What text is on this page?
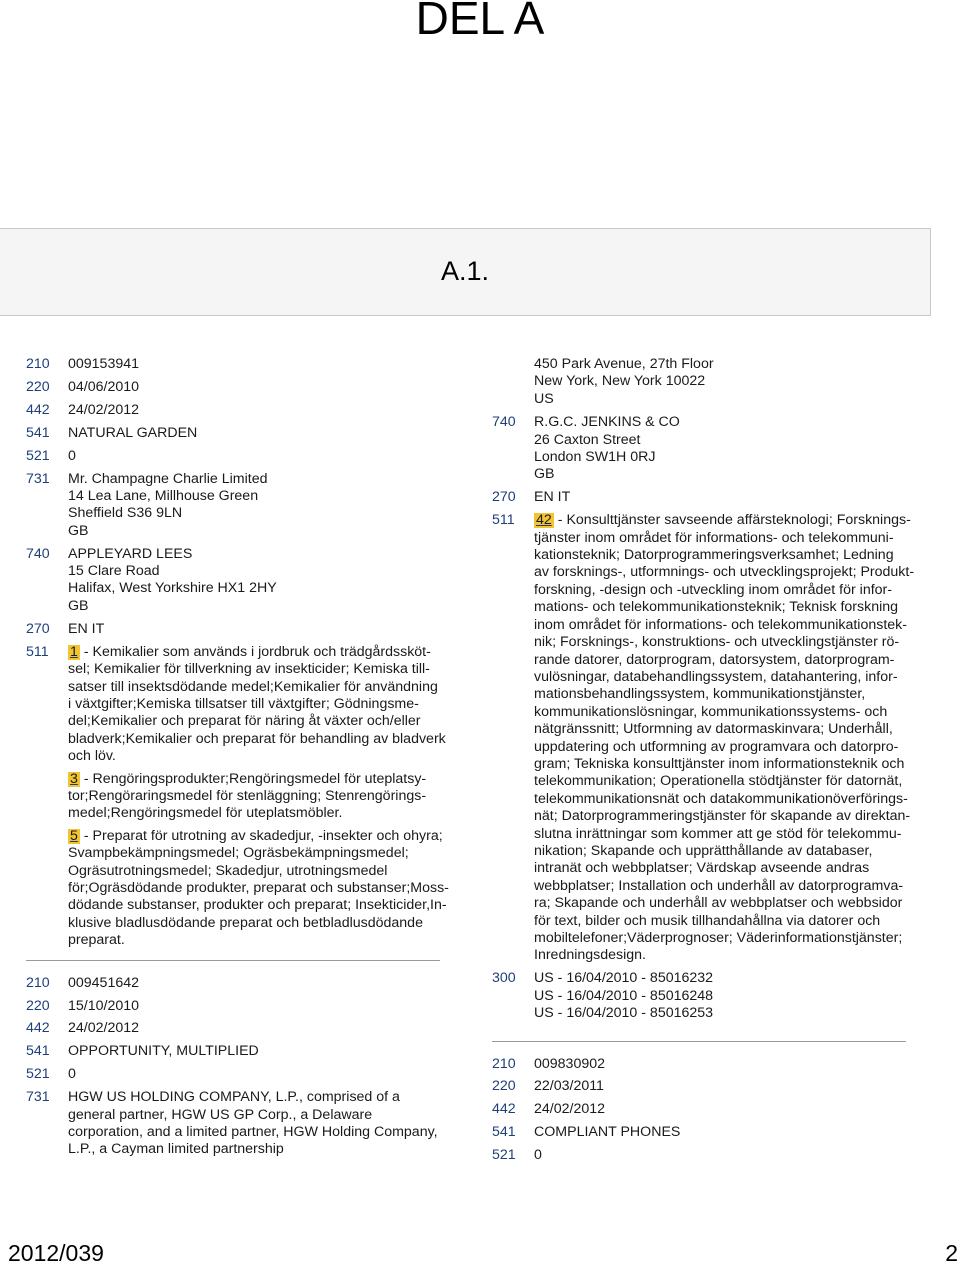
DEL A
A.1.
210	009153941
220	04/06/2010
442	24/02/2012
541	NATURAL GARDEN
521	0
731	Mr. Champagne Charlie Limited
14 Lea Lane, Millhouse Green
Sheffield S36 9LN
GB
740	APPLEYARD LEES
15 Clare Road
Halifax, West Yorkshire HX1 2HY
GB
270	EN IT
511	1 - Kemikalier som används i jordbruk och trädgårdssköt-
sel; Kemikalier för tillverkning av insekticider; Kemiska till-
satser till insektsdödande medel;Kemikalier för användning
i växtgifter;Kemiska tillsatser till växtgifter; Gödningsme-
del;Kemikalier och preparat för näring åt växter och/eller
bladverk;Kemikalier och preparat för behandling av bladverk
och löv.
3 - Rengöringsprodukter;Rengöringsmedel för uteplatsy-
tor;Rengöraringsmedel för stenläggning; Stenrengörings-
medel;Rengöringsmedel för uteplatsmöbler.
5 - Preparat för utrotning av skadedjur, -insekter och ohyra;
Svampbekämpningsmedel; Ogräsbekämpningsmedel;
Ogräsutrotningsmedel; Skadedjur, utrotningsmedel
för;Ogräsdödande produkter, preparat och substanser;Moss-
dödande substanser, produkter och preparat; Insekticider,In-
klusive bladlusdödande preparat och betbladlusdödande
preparat.
210	009451642
220	15/10/2010
442	24/02/2012
541	OPPORTUNITY, MULTIPLIED
521	0
731	HGW US HOLDING COMPANY, L.P., comprised of a
general partner, HGW US GP Corp., a Delaware
corporation, and a limited partner, HGW Holding Company,
L.P., a Cayman limited partnership
450 Park Avenue, 27th Floor
New York, New York 10022
US
740	R.G.C. JENKINS & CO
26 Caxton Street
London SW1H 0RJ
GB
270	EN IT
511	42 - Konsulttjänster savseende affärsteknologi; Forsknings-
tjänster inom området för informations- och telekommuni-
kationsteknik; Datorprogrammeringsverksamhet; Ledning
av forsknings-, utformnings- och utvecklingsprojekt; Produkt-
forskning, -design och -utveckling inom området för infor-
mations- och telekommunikationsteknik; Teknisk forskning
inom området för informations- och telekommunikationstek-
nik; Forsknings-, konstruktions- och utvecklingstjänster rö-
rande datorer, datorprogram, datorsystem, datorprogram-
vulösningar, databehandlingssystem, datahantering, infor-
mationsbehandlingssystem, kommunikationstjänster,
kommunikationslösningar, kommunikationssystems- och
nätgränssnitt; Utformning av datormaskinvara; Underhåll,
uppdatering och utformning av programvara och datorpro-
gram; Tekniska konsulttjänster inom informationsteknik och
telekommunikation; Operationella stödtjänster för datornät,
telekommunikationsnät och datakommunikationöverförings-
nät; Datorprogrammeringstjänster för skapande av direktan-
slutna inrättningar som kommer att ge stöd för telekommu-
nikation; Skapande och upprätthållande av databaser,
intranät och webbplatser; Värdskap avseende andras
webbplatser; Installation och underhåll av datorprogramva-
ra; Skapande och underhåll av webbplatser och webbsidor
för text, bilder och musik tillhandahållna via datorer och
mobiltelefoner;Väderprognoser; Väderinformationstjänster;
Inredningsdesign.
300	US - 16/04/2010 - 85016232
US - 16/04/2010 - 85016248
US - 16/04/2010 - 85016253
210	009830902
220	22/03/2011
442	24/02/2012
541	COMPLIANT PHONES
521	0
2012/039	2
